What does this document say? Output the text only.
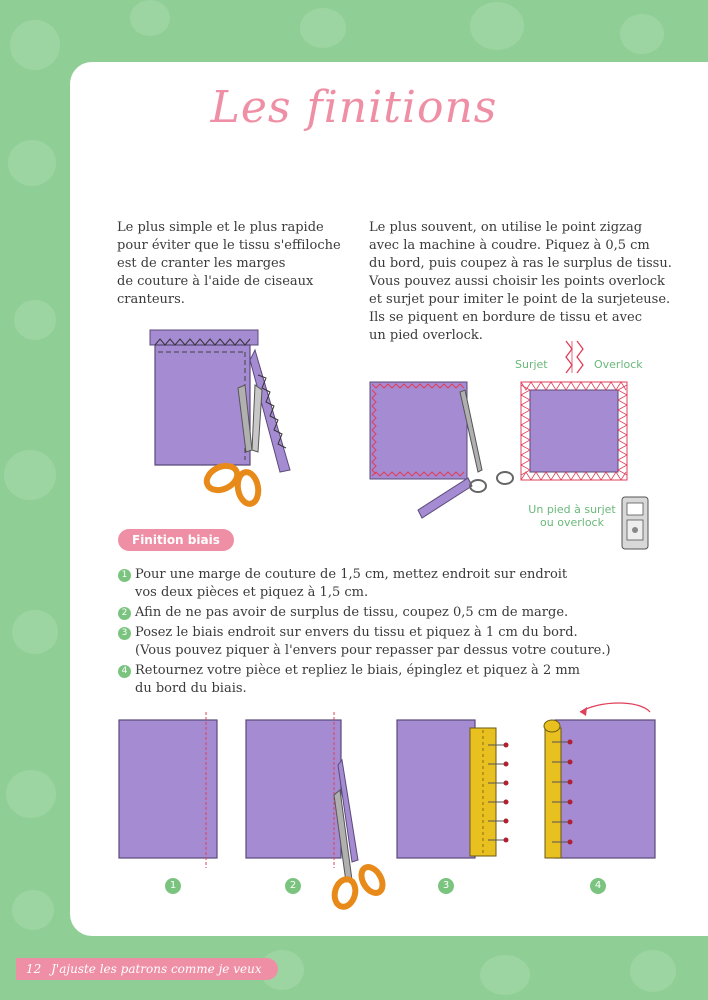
Les finitions
Le plus simple et le plus rapide
pour éviter que le tissu s'effiloche
est de cranter les marges
de couture à l'aide de ciseaux
cranteurs.
Le plus souvent, on utilise le point zigzag
avec la machine à coudre. Piquez à 0,5 cm
du bord, puis coupez à ras le surplus de tissu.
Vous pouvez aussi choisir les points overlock
et surjet pour imiter le point de la surjeteuse.
Ils se piquent en bordure de tissu et avec
un pied overlock.
Surjet	Overlock
Un pied à surjet
ou overlock
Finition biais
1 Pour une marge de couture de 1,5 cm, mettez endroit sur endroit
vos deux pièces et piquez à 1,5 cm.
2 Afin de ne pas avoir de surplus de tissu, coupez 0,5 cm de marge.
3 Posez le biais endroit sur envers du tissu et piquez à 1 cm du bord.
(Vous pouvez piquer à l'envers pour repasser par dessus votre couture.)
4 Retournez votre pièce et repliez le biais, épinglez et piquez à 2 mm
du bord du biais.
1	2	3	4
12 J'ajuste les patrons comme je veux
